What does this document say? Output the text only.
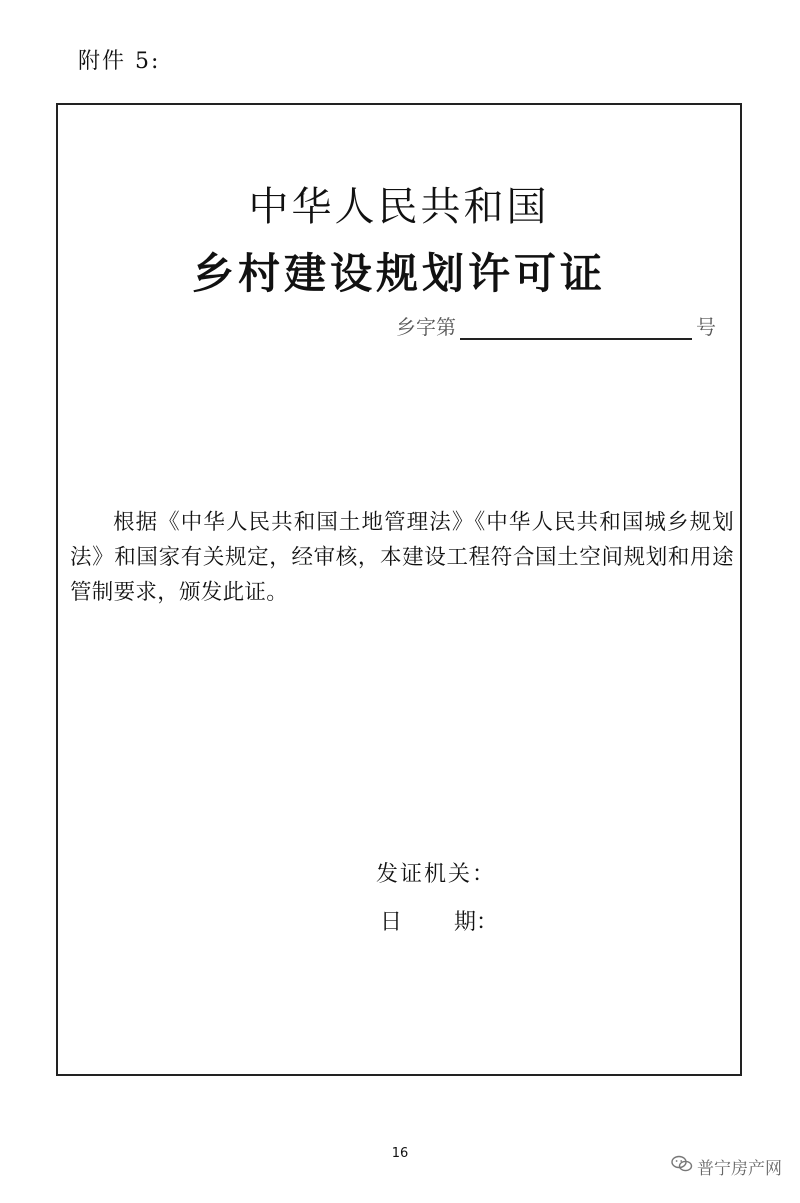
附件 5:
中华人民共和国
乡村建设规划许可证
乡字第	号

根据《中华人民共和国土地管理法》《中华人民共和国城乡规划法》和国家有关规定，经审核，本建设工程符合国土空间规划和用途管制要求，颁发此证。

发证机关：
日 期：
16
普宁房产网
